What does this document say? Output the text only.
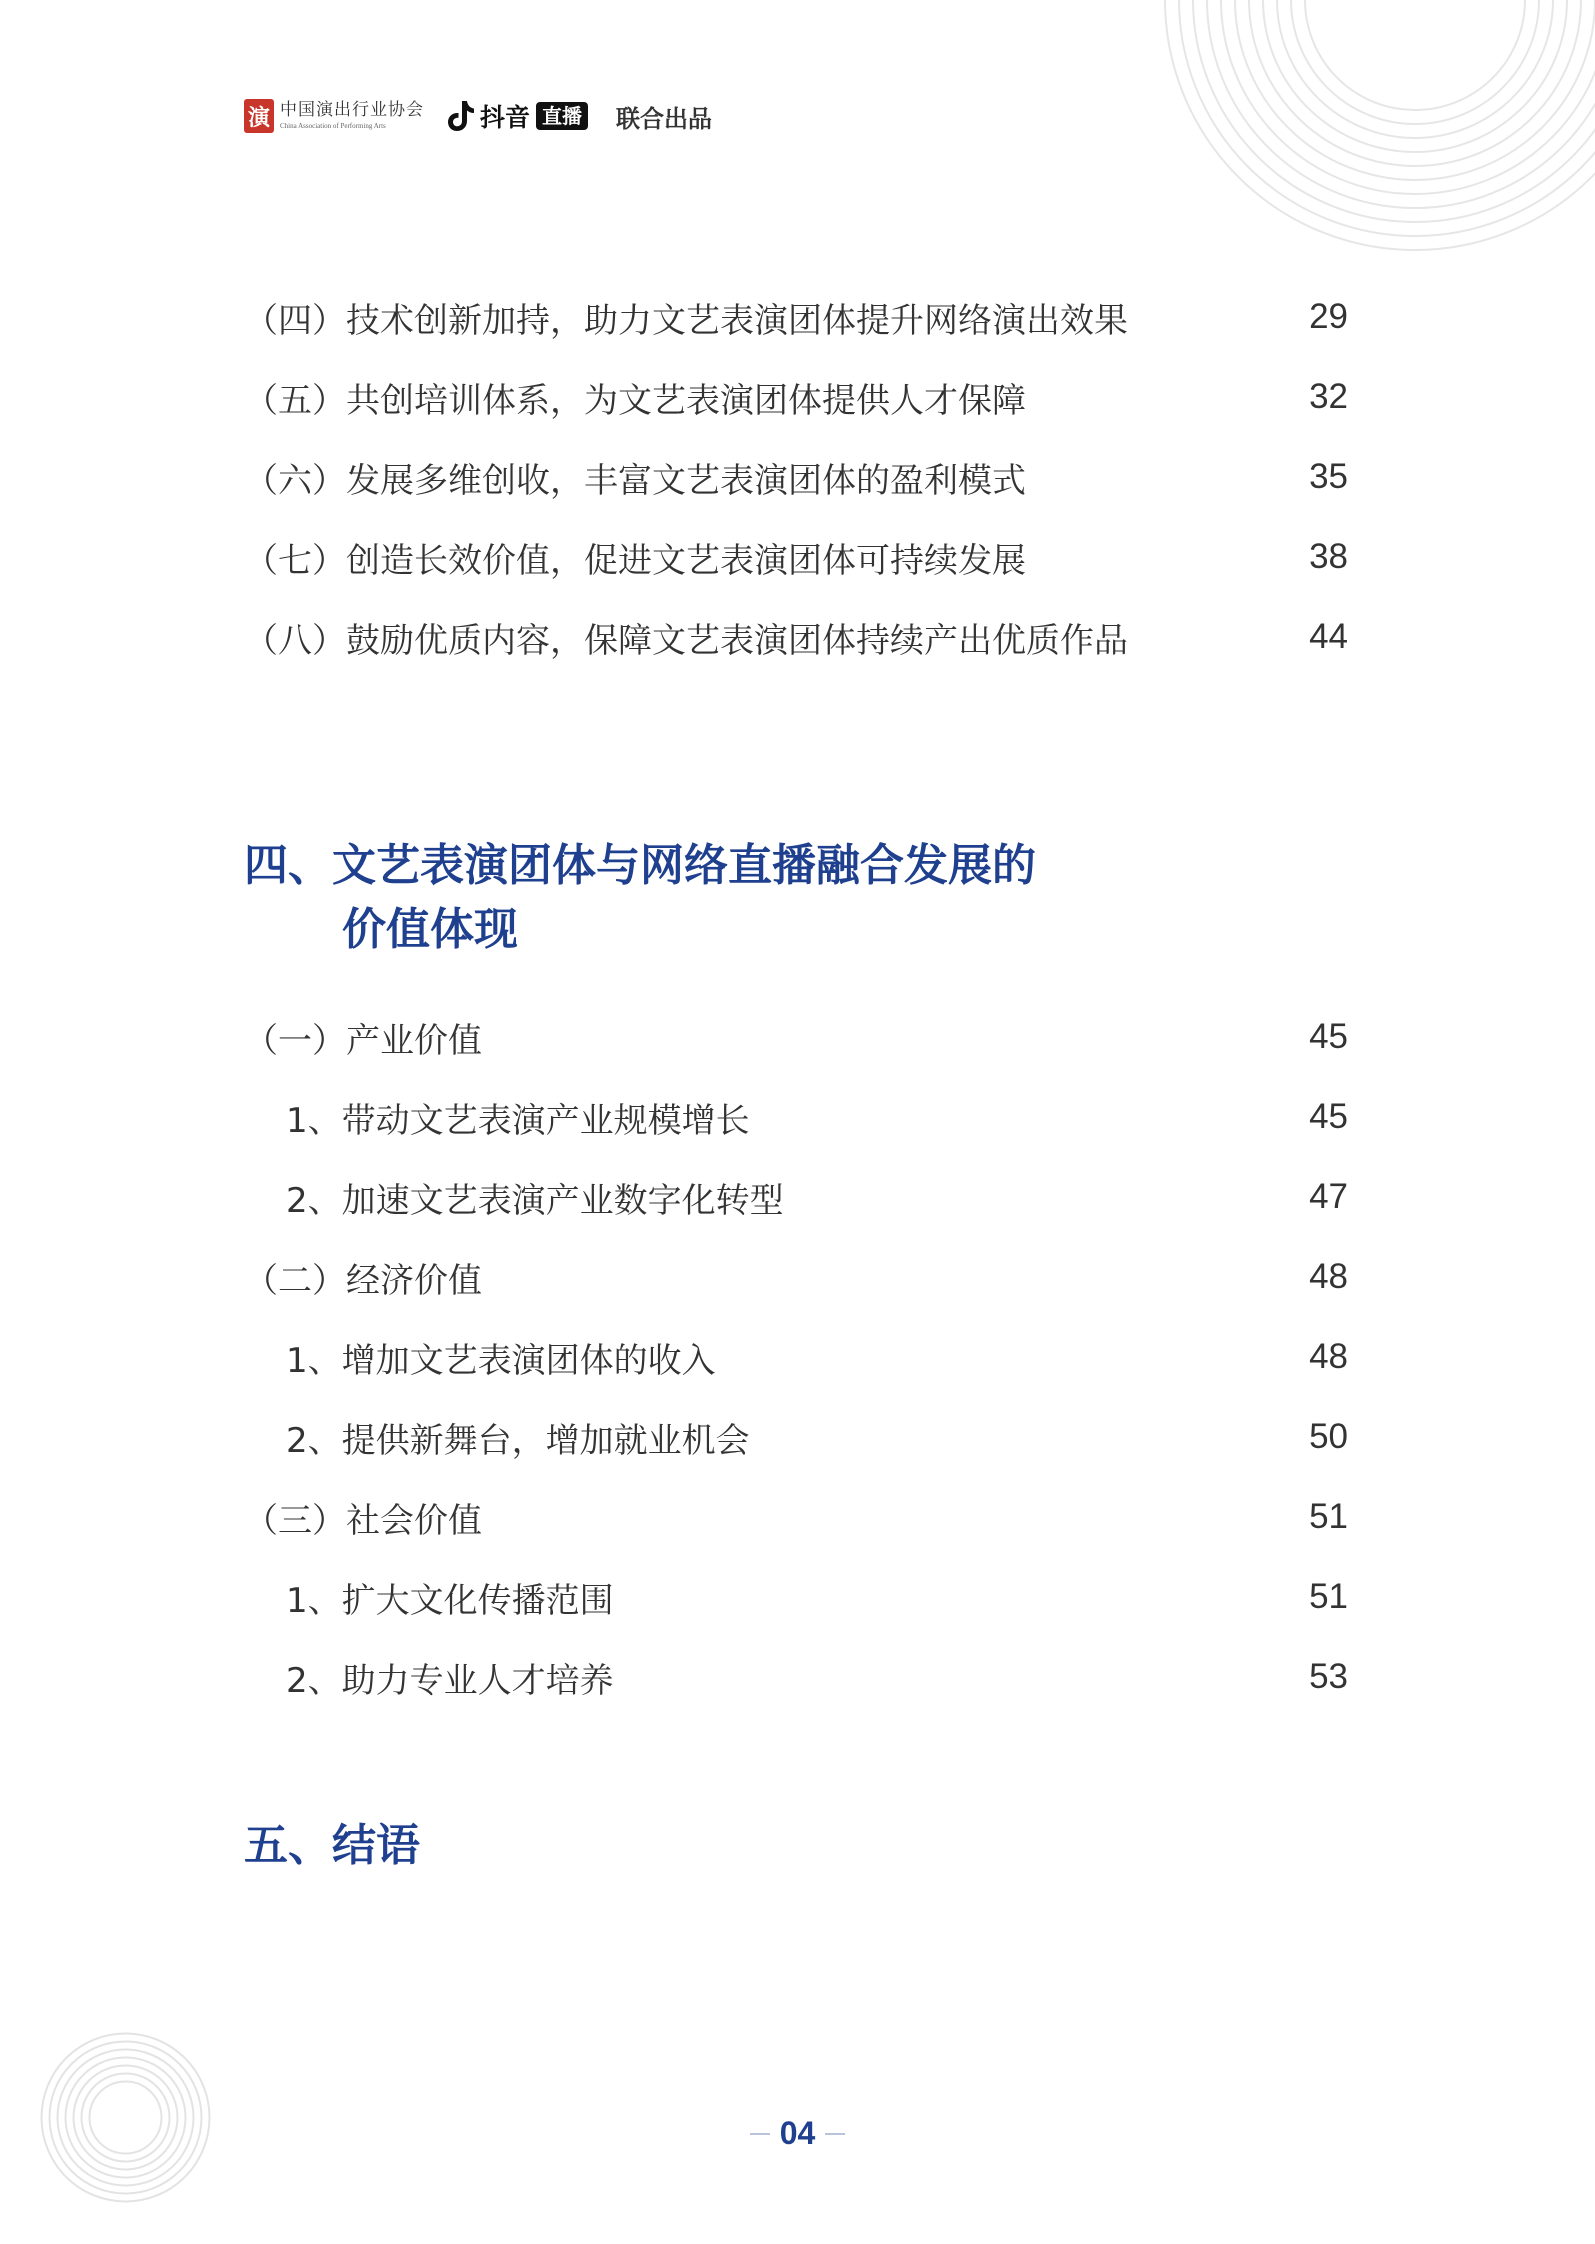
演 中国演出行业协会
China Association of Performing Arts	抖音 直播 联合出品
（四）技术创新加持，助力文艺表演团体提升网络演出效果	29
（五）共创培训体系，为文艺表演团体提供人才保障	32
（六）发展多维创收，丰富文艺表演团体的盈利模式	35
（七）创造长效价值，促进文艺表演团体可持续发展	38
（八）鼓励优质内容，保障文艺表演团体持续产出优质作品	44
四、文艺表演团体与网络直播融合发展的
价值体现
（一）产业价值	45
1、带动文艺表演产业规模增长	45
2、加速文艺表演产业数字化转型	47
（二）经济价值	48
1、增加文艺表演团体的收入	48
2、提供新舞台，增加就业机会	50
（三）社会价值	51
1、扩大文化传播范围	51
2、助力专业人才培养	53
五、结语
04
